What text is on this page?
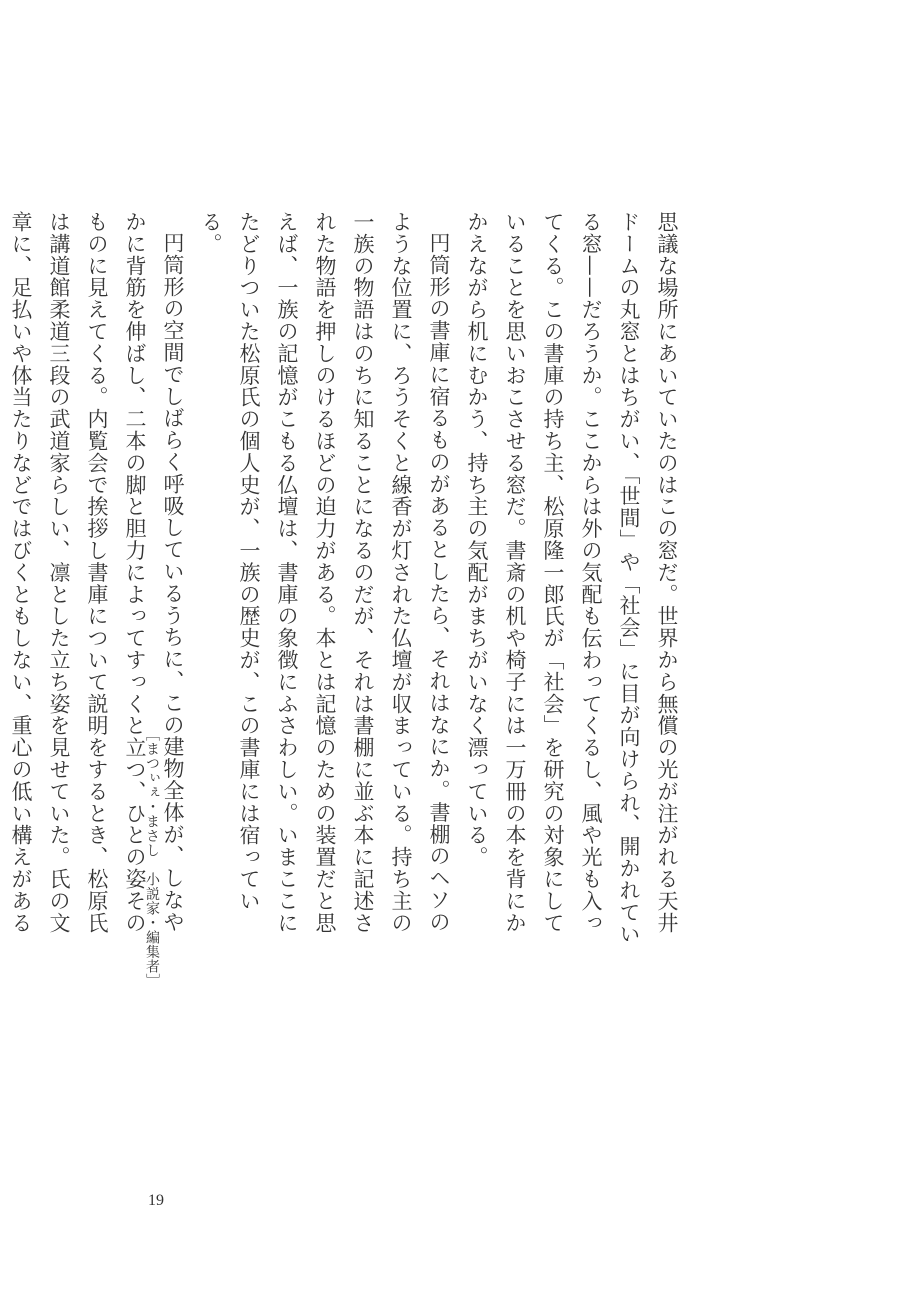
思議な場所にあいていたのはこの窓だ。世界から無償の光が注がれる天井ドームの丸窓とはちがい、「世間」や「社会」に目が向けられ、開かれている窓——だろうか。ここからは外の気配も伝わってくるし、風や光も入ってくる。この書庫の持ち主、松原隆一郎氏が「社会」を研究の対象にしていることを思いおこさせる窓だ。書斎の机や椅子には一万冊の本を背にかかえながら机にむかう、持ち主の気配がまちがいなく漂っている。

円筒形の書庫に宿るものがあるとしたら、それはなにか。書棚のヘソのような位置に、ろうそくと線香が灯された仏壇が収まっている。持ち主の一族の物語はのちに知ることになるのだが、それは書棚に並ぶ本に記述された物語を押しのけるほどの迫力がある。本とは記憶のための装置だと思えば、一族の記憶がこもる仏壇は、書庫の象徴にふさわしい。いまここにたどりついた松原氏の個人史が、一族の歴史が、この書庫には宿っている。

円筒形の空間でしばらく呼吸しているうちに、この建物全体が、しなやかに背筋を伸ばし、二本の脚と胆力によってすっくと立つ、ひとの姿そのものに見えてくる。内覧会で挨拶し書庫について説明をするとき、松原氏は講道館柔道三段の武道家らしい、凛とした立ち姿を見せていた。氏の文章に、足払いや体当たりなどではびくともしない、重心の低い構えがある	［まつぃぇ・まさし　小説家・編集者］
19
